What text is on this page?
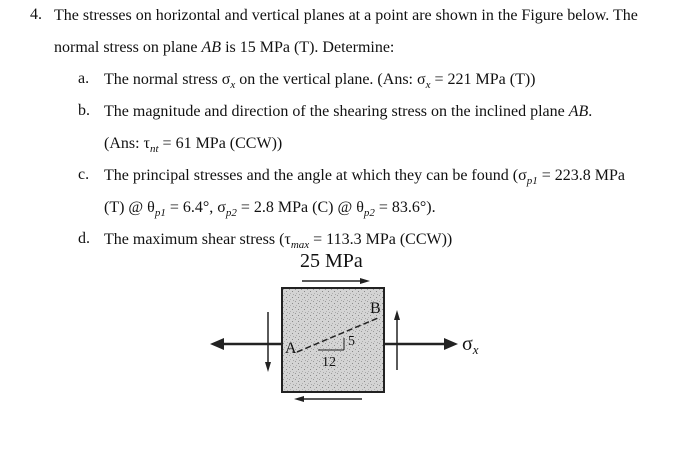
4. The stresses on horizontal and vertical planes at a point are shown in the Figure below. The
normal stress on plane AB is 15 MPa (T). Determine:
a. The normal stress $\sigma_x$ on the vertical plane. (Ans: $\sigma_x = 221$ MPa (T))
b. The magnitude and direction of the shearing stress on the inclined plane AB.
(Ans: $\tau_{nt} = 61$ MPa (CCW))
c. The principal stresses and the angle at which they can be found ($\sigma_{p1} = 223.8$ MPa
(T) @ $\theta_{p1} = 6.4^\circ$, $\sigma_{p2} = 2.8$ MPa (C) @ $\theta_{p2} = 83.6^\circ$).
d. The maximum shear stress ($\tau_{max} = 113.3$ MPa (CCW))
25 MPa
A
B
5
12
$\sigma_x$
